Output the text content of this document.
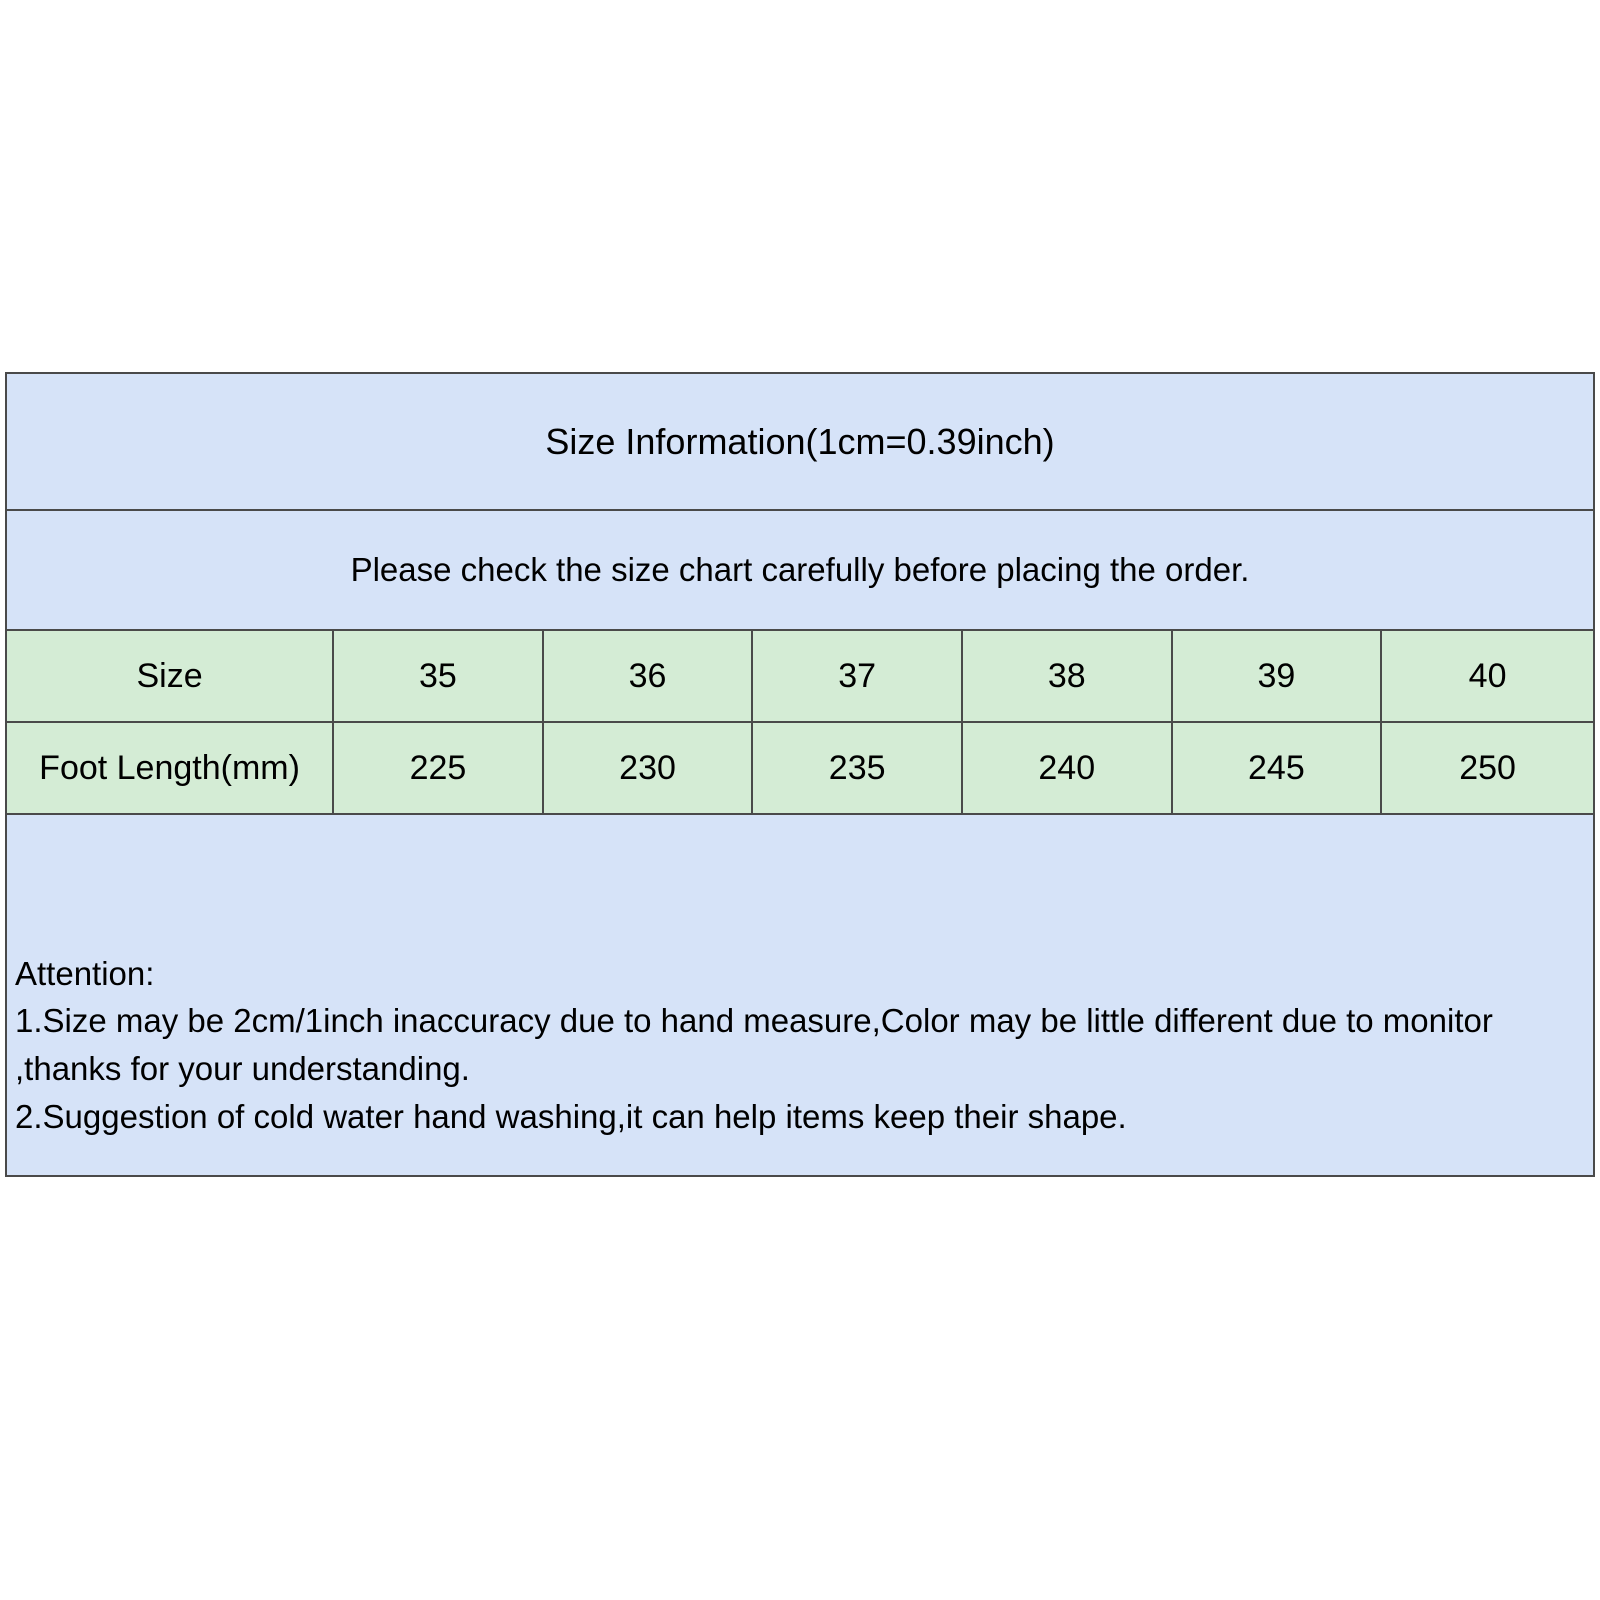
Size Information(1cm=0.39inch)						
Please check the size chart carefully before placing the order.						
Size	35	36	37	38	39	40
Foot Length(mm)	225	230	235	240	245	250

Attention:

1.Size may be 2cm/1inch inaccuracy due to hand measure,Color may be little different due to monitor ,thanks for your understanding.

2.Suggestion of cold water hand washing,it can help items keep their shape.						
